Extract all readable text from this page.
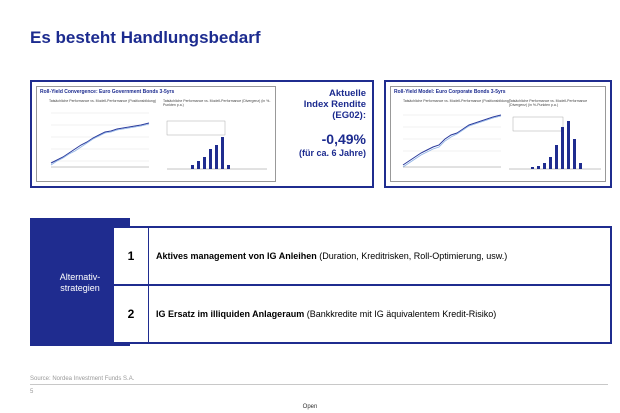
Es besteht Handlungsbedarf
Roll-Yield Convergence: Euro Government Bonds 3-5yrs
Tatsächliche Performance vs. Modell-Performance (Positionsbildung) Tatsächliche Performance vs. Modell-Performance (Divergenz) (in %-Punkten p.a.)
Aktuelle
Index Rendite
(EG02):
-0,49%
(für ca. 6 Jahre)
Roll-Yield Model: Euro Corporate Bonds 3-5yrs
Tatsächliche Performance vs. Modell-Performance (Positionsbildung) Tatsächliche Performance vs. Modell-Performance (Divergenz) (in %-Punkten p.a.)
Alternativ-
strategien
1	Aktives management von IG Anleihen (Duration, Kreditrisken, Roll-Optimierung, usw.)
2	IG Ersatz im illiquiden Anlageraum (Bankkredite mit IG äquivalentem Kredit-Risiko)
Source: Nordea Investment Funds S.A.
5
Open
